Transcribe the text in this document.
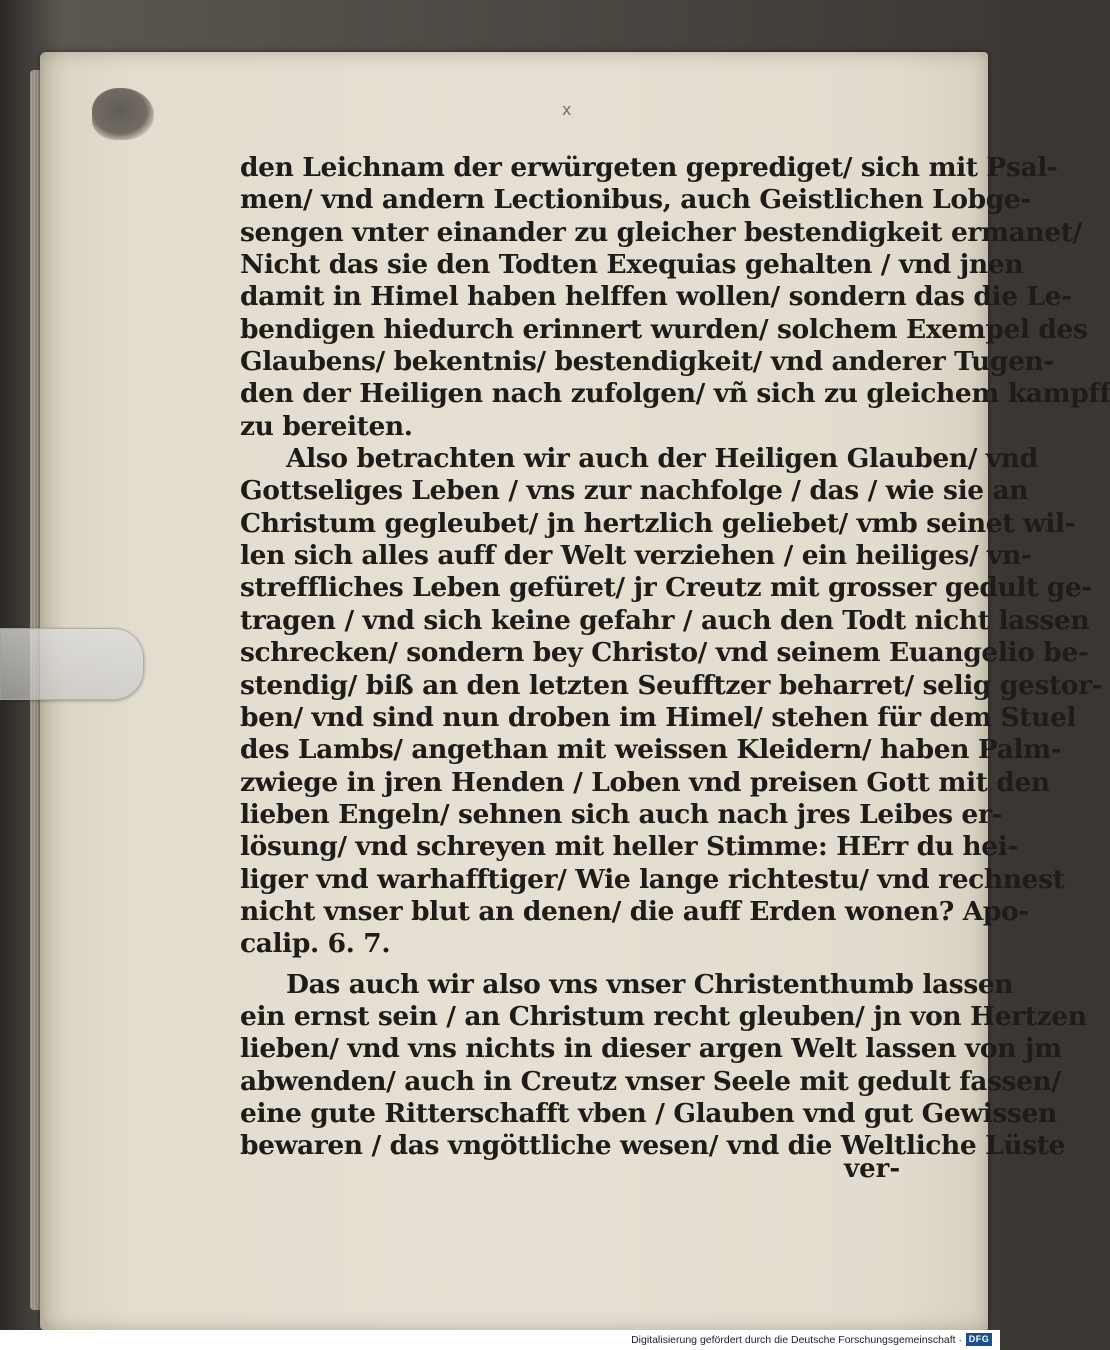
x
den Leichnam der erwürgeten geprediget/ sich mit Psal-
men/ vnd andern Lectionibus, auch Geistlichen Lobge-
sengen vnter einander zu gleicher bestendigkeit ermanet/
Nicht das sie den Todten Exequias gehalten / vnd jnen
damit in Himel haben helffen wollen/ sondern das die Le-
bendigen hiedurch erinnert wurden/ solchem Exempel des
Glaubens/ bekentnis/ bestendigkeit/ vnd anderer Tugen-
den der Heiligen nach zufolgen/ vñ sich zu gleichem kampff
zu bereiten.
Also betrachten wir auch der Heiligen Glauben/ vnd
Gottseliges Leben / vns zur nachfolge / das / wie sie an
Christum gegleubet/ jn hertzlich geliebet/ vmb seinet wil-
len sich alles auff der Welt verziehen / ein heiliges/ vn-
streffliches Leben gefüret/ jr Creutz mit grosser gedult ge-
tragen / vnd sich keine gefahr / auch den Todt nicht lassen
schrecken/ sondern bey Christo/ vnd seinem Euangelio be-
stendig/ biß an den letzten Seufftzer beharret/ selig gestor-
ben/ vnd sind nun droben im Himel/ stehen für dem Stuel
des Lambs/ angethan mit weissen Kleidern/ haben Palm-
zwiege in jren Henden / Loben vnd preisen Gott mit den
lieben Engeln/ sehnen sich auch nach jres Leibes er-
lösung/ vnd schreyen mit heller Stimme: HErr du hei-
liger vnd warhafftiger/ Wie lange richtestu/ vnd rechnest
nicht vnser blut an denen/ die auff Erden wonen? Apo-
calip. 6. 7.
Das auch wir also vns vnser Christenthumb lassen
ein ernst sein / an Christum recht gleuben/ jn von Hertzen
lieben/ vnd vns nichts in dieser argen Welt lassen von jm
abwenden/ auch in Creutz vnser Seele mit gedult fassen/
eine gute Ritterschafft vben / Glauben vnd gut Gewissen
bewaren / das vngöttliche wesen/ vnd die Weltliche Lüste
ver-
Digitalisierung gefördert durch die Deutsche Forschungsgemeinschaft · DFG
